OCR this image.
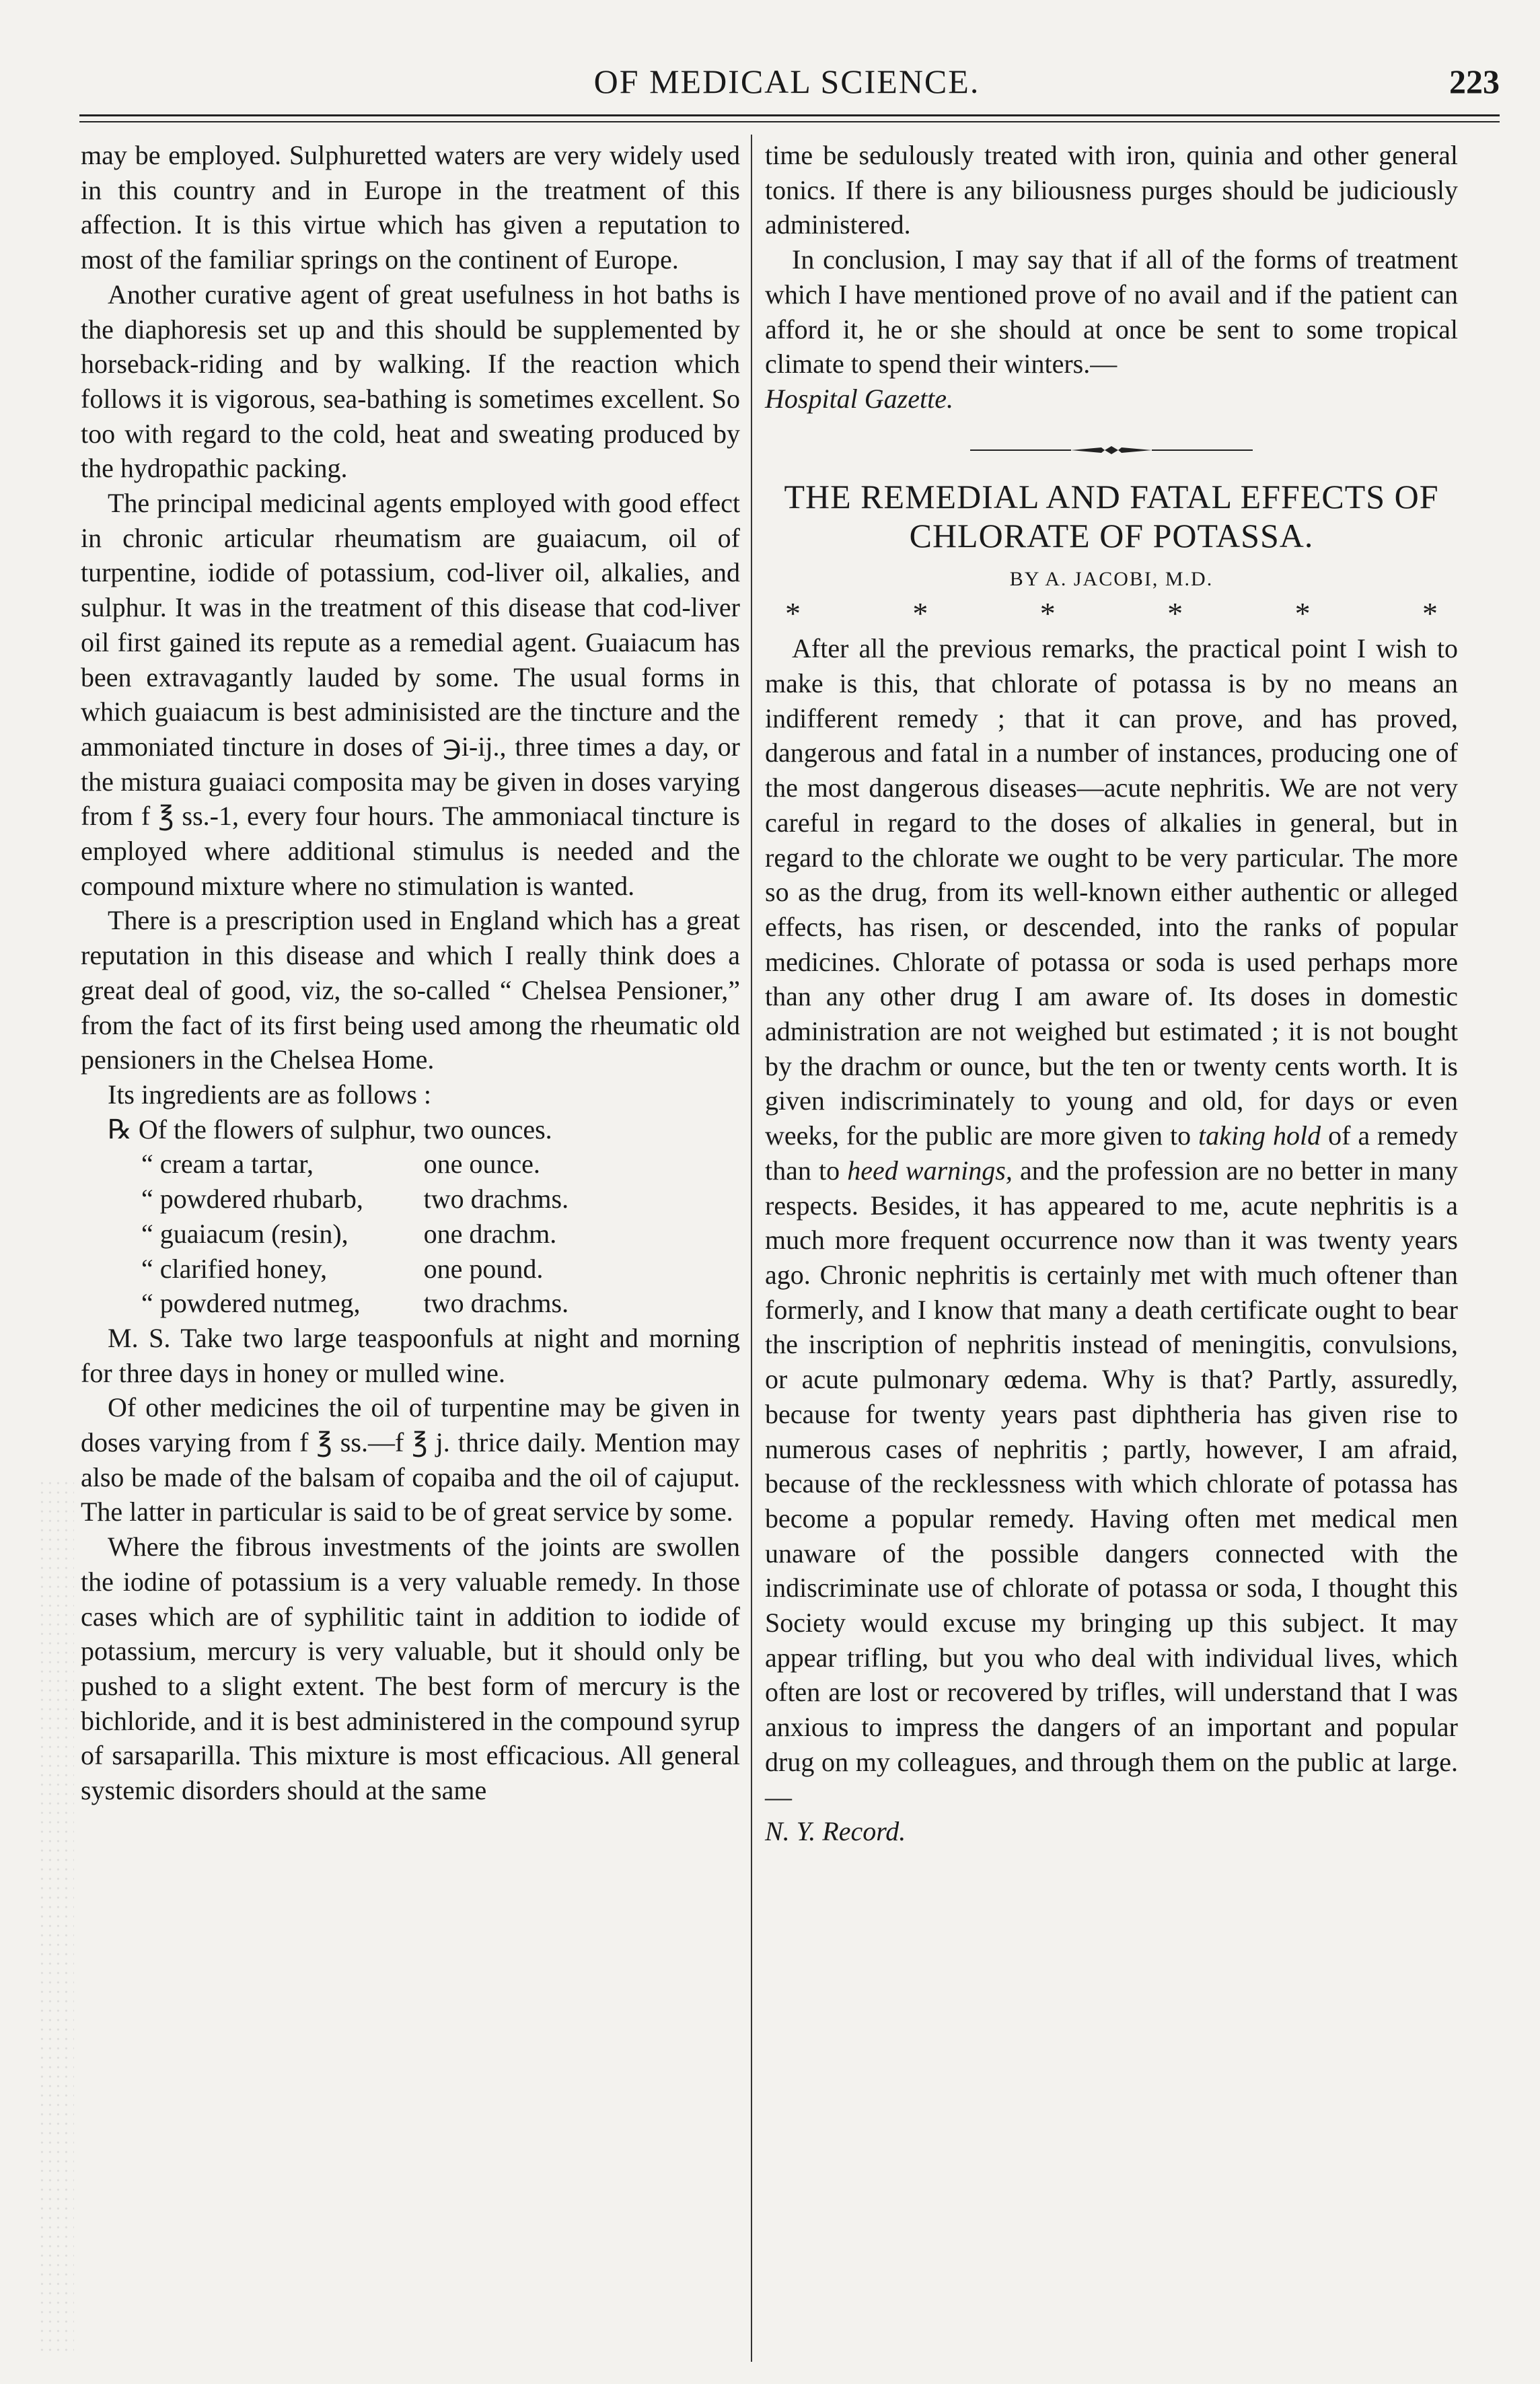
OF MEDICAL SCIENCE.	223

may be employed. Sulphuretted waters are very widely used in this country and in Europe in the treatment of this affection. It is this virtue which has given a reputation to most of the familiar springs on the continent of Europe.

Another curative agent of great usefulness in hot baths is the diaphoresis set up and this should be supplemented by horseback-riding and by walking. If the reaction which follows it is vigorous, sea-bathing is sometimes excellent. So too with regard to the cold, heat and sweating produced by the hydropathic packing.

The principal medicinal agents employed with good effect in chronic articular rheumatism are guaiacum, oil of turpentine, iodide of potassium, cod-liver oil, alkalies, and sulphur. It was in the treatment of this disease that cod-liver oil first gained its repute as a remedial agent. Guaiacum has been extravagantly lauded by some. The usual forms in which guaiacum is best adminisisted are the tincture and the ammoniated tincture in doses of ℈i-ij., three times a day, or the mistura guaiaci composita may be given in doses varying from f ℥ ss.-1, every four hours. The ammoniacal tincture is employed where additional stimulus is needed and the compound mixture where no stimulation is wanted.

There is a prescription used in England which has a great reputation in this disease and which I really think does a great deal of good, viz, the so-called “ Chelsea Pensioner,” from the fact of its first being used among the rheumatic old pensioners in the Chelsea Home.

Its ingredients are as follows :

℞ Of the flowers of sulphur,	two ounces.
“ cream a tartar,	one ounce.
“ powdered rhubarb,	two drachms.
“ guaiacum (resin),	one drachm.
“ clarified honey,	one pound.
“ powdered nutmeg,	two drachms.

M. S. Take two large teaspoonfuls at night and morning for three days in honey or mulled wine.

Of other medicines the oil of turpentine may be given in doses varying from f ℥ ss.—f ℥ j. thrice daily. Mention may also be made of the balsam of copaiba and the oil of cajuput. The latter in particular is said to be of great service by some.

Where the fibrous investments of the joints are swollen the iodine of potassium is a very valuable remedy. In those cases which are of syphilitic taint in addition to iodide of potassium, mercury is very valuable, but it should only be pushed to a slight extent. The best form of mercury is the bichloride, and it is best administered in the compound syrup of sarsaparilla. This mixture is most efficacious. All general systemic disorders should at the same

time be sedulously treated with iron, quinia and other general tonics. If there is any biliousness purges should be judiciously administered.

In conclusion, I may say that if all of the forms of treatment which I have mentioned prove of no avail and if the patient can afford it, he or she should at once be sent to some tropical climate to spend their winters.—
Hospital Gazette.

THE REMEDIAL AND FATAL EFFECTS OF CHLORATE OF POTASSA.
BY A. JACOBI, M.D.
*	*	*	*	*	*

After all the previous remarks, the practical point I wish to make is this, that chlorate of potassa is by no means an indifferent remedy ; that it can prove, and has proved, dangerous and fatal in a number of instances, producing one of the most dangerous diseases—acute nephritis. We are not very careful in regard to the doses of alkalies in general, but in regard to the chlorate we ought to be very particular. The more so as the drug, from its well-known either authentic or alleged effects, has risen, or descended, into the ranks of popular medicines. Chlorate of potassa or soda is used perhaps more than any other drug I am aware of. Its doses in domestic administration are not weighed but estimated ; it is not bought by the drachm or ounce, but the ten or twenty cents worth. It is given indiscriminately to young and old, for days or even weeks, for the public are more given to taking hold of a remedy than to heed warnings, and the profession are no better in many respects. Besides, it has appeared to me, acute nephritis is a much more frequent occurrence now than it was twenty years ago. Chronic nephritis is certainly met with much oftener than formerly, and I know that many a death certificate ought to bear the inscription of nephritis instead of meningitis, convulsions, or acute pulmonary œdema. Why is that? Partly, assuredly, because for twenty years past diphtheria has given rise to numerous cases of nephritis ; partly, however, I am afraid, because of the recklessness with which chlorate of potassa has become a popular remedy. Having often met medical men unaware of the possible dangers connected with the indiscriminate use of chlorate of potassa or soda, I thought this Society would excuse my bringing up this subject. It may appear trifling, but you who deal with individual lives, which often are lost or recovered by trifles, will understand that I was anxious to impress the dangers of an important and popular drug on my colleagues, and through them on the public at large.—
N. Y. Record.
